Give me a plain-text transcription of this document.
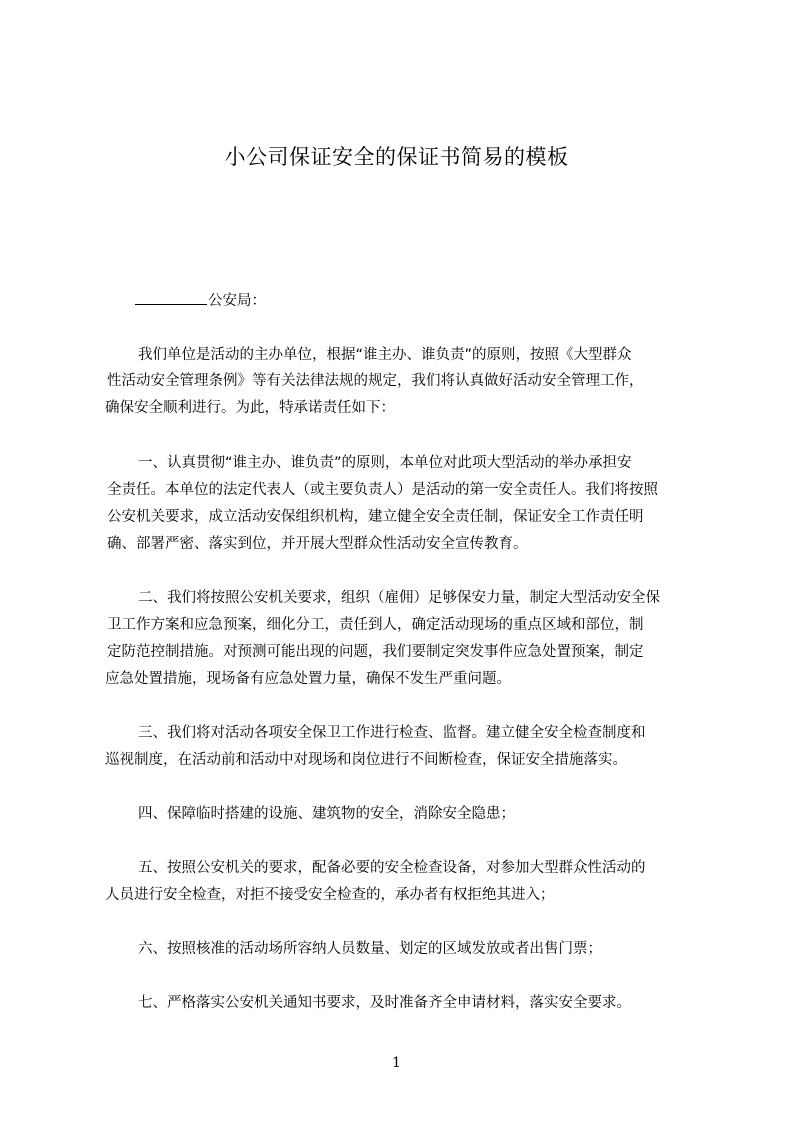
小公司保证安全的保证书简易的模板
公安局：
我们单位是活动的主办单位，根据“谁主办、谁负责”的原则，按照《大型群众
性活动安全管理条例》等有关法律法规的规定，我们将认真做好活动安全管理工作，
确保安全顺利进行。为此，特承诺责任如下：
一、认真贯彻“谁主办、谁负责”的原则，本单位对此项大型活动的举办承担安
全责任。本单位的法定代表人（或主要负责人）是活动的第一安全责任人。我们将按照
公安机关要求，成立活动安保组织机构，建立健全安全责任制，保证安全工作责任明
确、部署严密、落实到位，并开展大型群众性活动安全宣传教育。
二、我们将按照公安机关要求，组织（雇佣）足够保安力量，制定大型活动安全保
卫工作方案和应急预案，细化分工，责任到人，确定活动现场的重点区域和部位，制
定防范控制措施。对预测可能出现的问题，我们要制定突发事件应急处置预案，制定
应急处置措施，现场备有应急处置力量，确保不发生严重问题。
三、我们将对活动各项安全保卫工作进行检查、监督。建立健全安全检查制度和
巡视制度，在活动前和活动中对现场和岗位进行不间断检查，保证安全措施落实。
四、保障临时搭建的设施、建筑物的安全，消除安全隐患；
五、按照公安机关的要求，配备必要的安全检查设备，对参加大型群众性活动的
人员进行安全检查，对拒不接受安全检查的，承办者有权拒绝其进入；
六、按照核准的活动场所容纳人员数量、划定的区域发放或者出售门票；
七、严格落实公安机关通知书要求，及时准备齐全申请材料，落实安全要求。
1
